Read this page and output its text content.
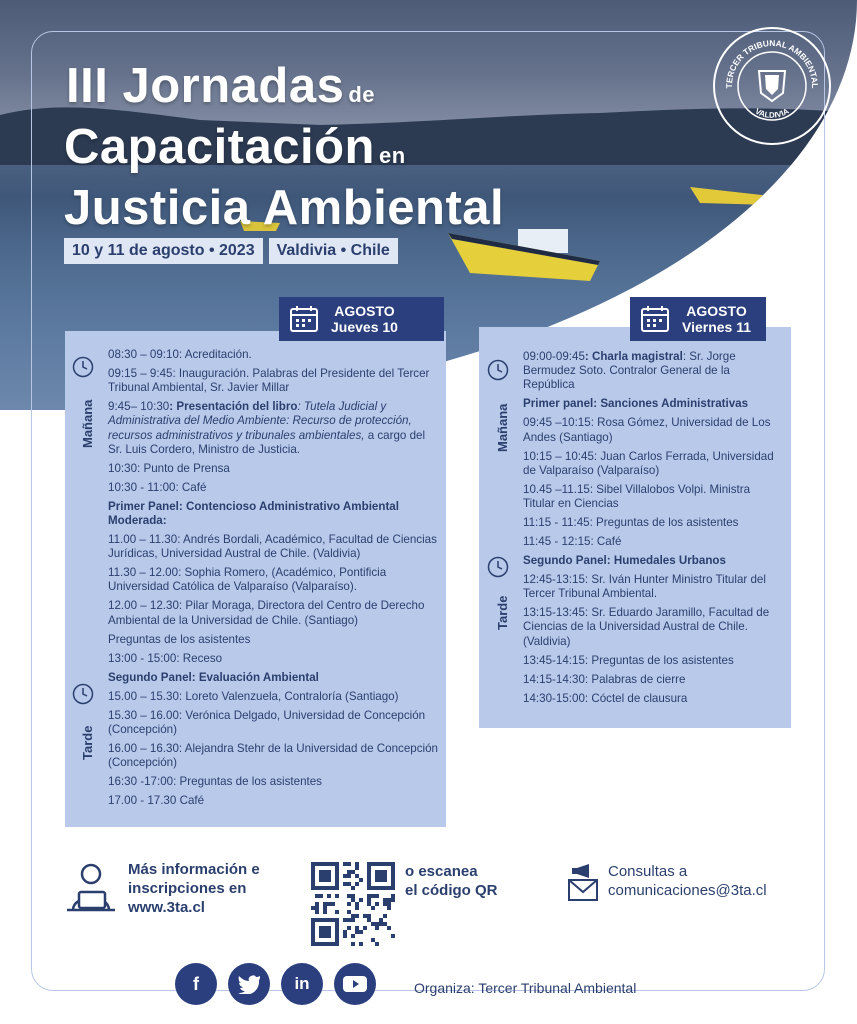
III Jornadas de
Capacitación en
Justicia Ambiental
10 y 11 de agosto • 2023	Valdivia • Chile
TERCER TRIBUNAL AMBIENTAL
VALDIVIA
AGOSTO
Jueves 10
Mañana
Tarde

08:30 – 09:10: Acreditación.

09:15 – 9:45: Inauguración. Palabras del Presidente del Tercer Tribunal Ambiental, Sr. Javier Millar

9:45– 10:30: Presentación del libro: Tutela Judicial y Administrativa del Medio Ambiente: Recurso de protección, recursos administrativos y tribunales ambientales, a cargo del Sr. Luis Cordero, Ministro de Justicia.

10:30: Punto de Prensa

10:30 - 11:00: Café

Primer Panel: Contencioso Administrativo Ambiental Moderada:

11.00 – 11.30: Andrés Bordali, Académico, Facultad de Ciencias Jurídicas, Universidad Austral de Chile. (Valdivia)

11.30 – 12.00: Sophia Romero, (Académico, Pontificia Universidad Católica de Valparaíso (Valparaíso).

12.00 – 12.30: Pilar Moraga, Directora del Centro de Derecho Ambiental de la Universidad de Chile. (Santiago)

Preguntas de los asistentes

13:00 - 15:00: Receso

Segundo Panel: Evaluación Ambiental

15.00 – 15.30: Loreto Valenzuela, Contraloría (Santiago)

15.30 – 16.00: Verónica Delgado, Universidad de Concepción (Concepción)

16.00 – 16.30: Alejandra Stehr de la Universidad de Concepción (Concepción)

16:30 -17:00: Preguntas de los asistentes

17.00 - 17.30 Café

AGOSTO
Viernes 11
Mañana
Tarde

09:00-09:45: Charla magistral: Sr. Jorge Bermudez Soto. Contralor General de la República

Primer panel: Sanciones Administrativas

09:45 –10:15: Rosa Gómez, Universidad de Los Andes (Santiago)

10:15 – 10:45: Juan Carlos Ferrada, Universidad de Valparaíso (Valparaíso)

10.45 –11.15: Sibel Villalobos Volpi. Ministra Titular en Ciencias

11:15 - 11:45: Preguntas de los asistentes

11:45 - 12:15: Café

Segundo Panel: Humedales Urbanos

12:45-13:15: Sr. Iván Hunter Ministro Titular del Tercer Tribunal Ambiental.

13:15-13:45: Sr. Eduardo Jaramillo, Facultad de Ciencias de la Universidad Austral de Chile. (Valdivia)

13:45-14:15: Preguntas de los asistentes

14:15-14:30: Palabras de cierre

14:30-15:00: Cóctel de clausura

Más información e
inscripciones en
www.3ta.cl
o escanea
el código QR
Consultas a
comunicaciones@3ta.cl
f	in	Organiza: Tercer Tribunal Ambiental
